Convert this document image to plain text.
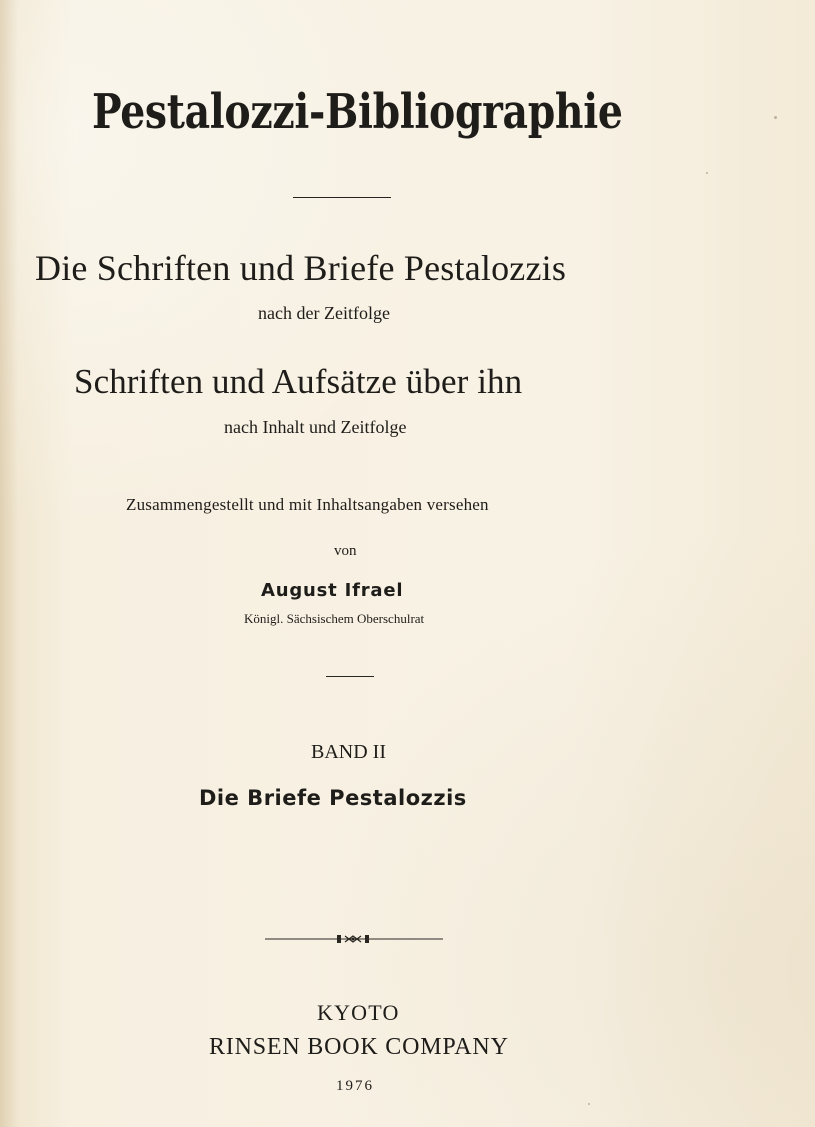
Pestalozzi-Bibliographie
Die Schriften und Briefe Pestalozzis
nach der Zeitfolge
Schriften und Aufsätze über ihn
nach Inhalt und Zeitfolge
Zusammengestellt und mit Inhaltsangaben versehen
von
August Ifrael
Königl. Sächsischem Oberschulrat
BAND II
Die Briefe Pestalozzis
KYOTO
RINSEN BOOK COMPANY
1976
